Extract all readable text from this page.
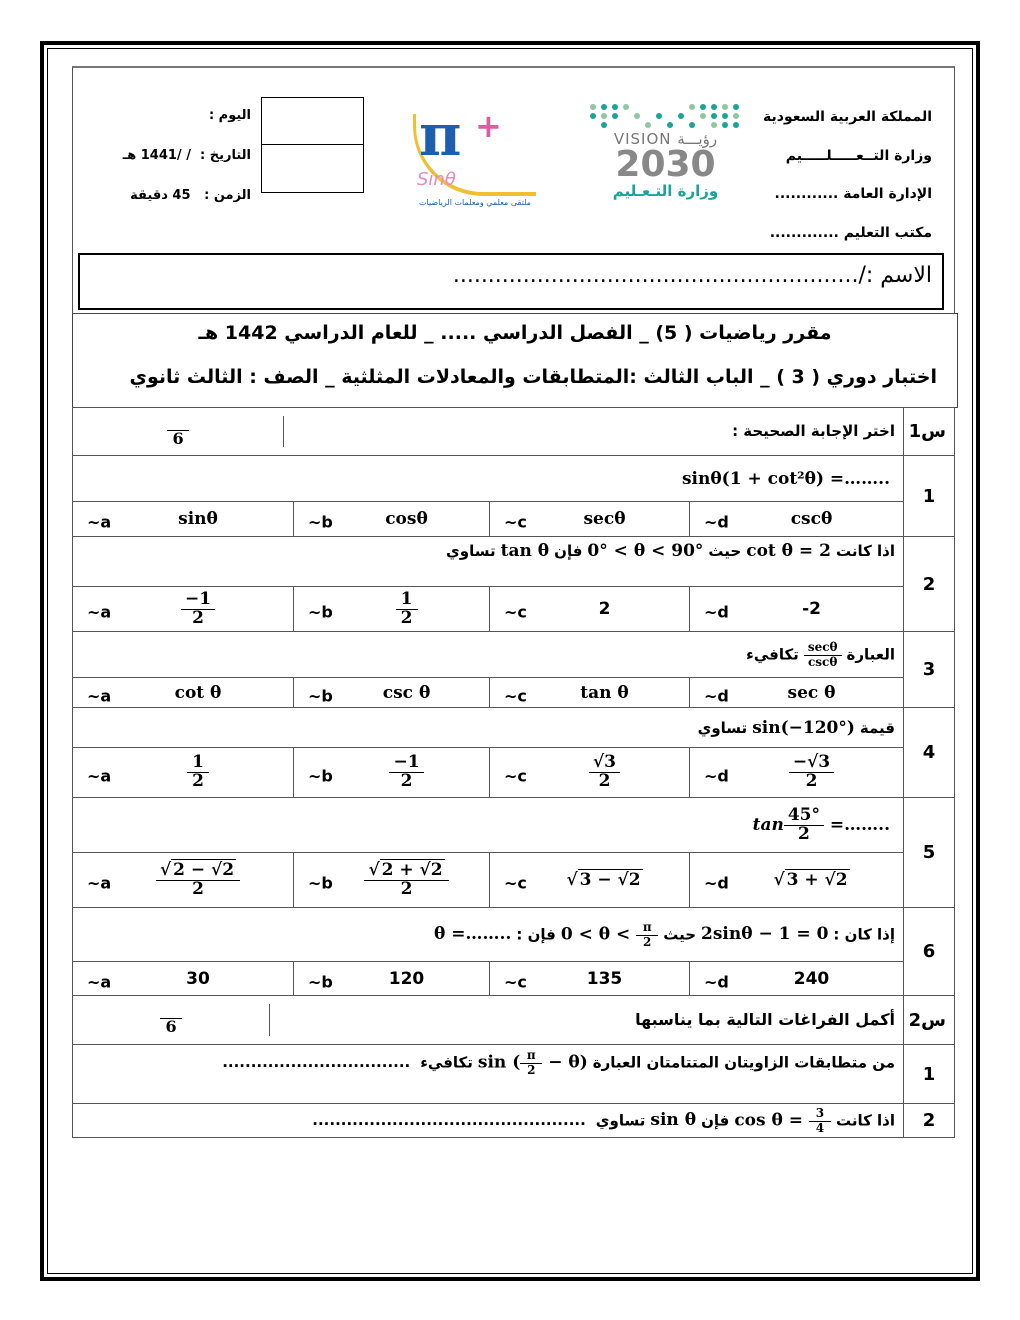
المملكة العربية السعودية
وزارة التــعـــــلـــــيم
الإدارة العامة ............
مكتب التعليم .............
VISION رؤيـــة
2030
وزارة التـعـليم
π +
Sinθ
ملتقى معلمي ومعلمات الرياضيات
اليوم :
التاريخ :  / /1441 هـ
الزمن :   45 دقيقة
الاسم :/..........................................................
مقرر رياضيات ( 5) _ الفصل الدراسي ..... _ للعام الدراسي 1442 هـ
اختبار دوري ( 3 ) _ الباب الثالث :المتطابقات والمعادلات المثلثية _ الصف : الثالث ثانوي
س1	اختر الإجابة الصحيحة :
6			

1	sinθ(1 + cot²θ) =……..			

	~d cscθ	~c secθ	~b cosθ	~a sinθ

2	اذا كانتcot θ = 2حيث0° < θ < 90°فإنtan θتساوي			

	~d -2	~c 2	~b $\frac{1}{2}$	~a $\frac{-1}{2}$

3	العبارة
$\frac{\sec\theta}{\csc\theta}$
تكافيء			

	~d sec θ	~c tan θ	~b csc θ	~a cot θ

4	قيمةsin(−120°)تساوي			

	~d $\frac{-√3}{2}$	~c $\frac{√3}{2}$	~b $\frac{-1}{2}$	~a $\frac{1}{2}$

5	$\tan \frac{45^\circ}{2}$ =……..			

	~d √ 3 + √2	~c √ 3 − √2	~b $\frac{√ 2 + √2}{2}$	~a $\frac{√ 2 - √2}{2}$

6	إذا كان :2sinθ − 1 = 0حيث0 < $\theta < \frac{\pi}{2}$
فإن :θ =……..			

	~d 240	~c 135	~b 120	~a 30

س2	أكمل الفراغات التالية بما يناسبها
6			

1	من متطابقات الزاويتان المتتامتان العبارةsin ( $\frac{\pi}{2}$ − θ)تكافيء.................................			
2	اذا كانتcos $\theta = \frac{3}{4}$
فإنsin θتساوي................................................			
